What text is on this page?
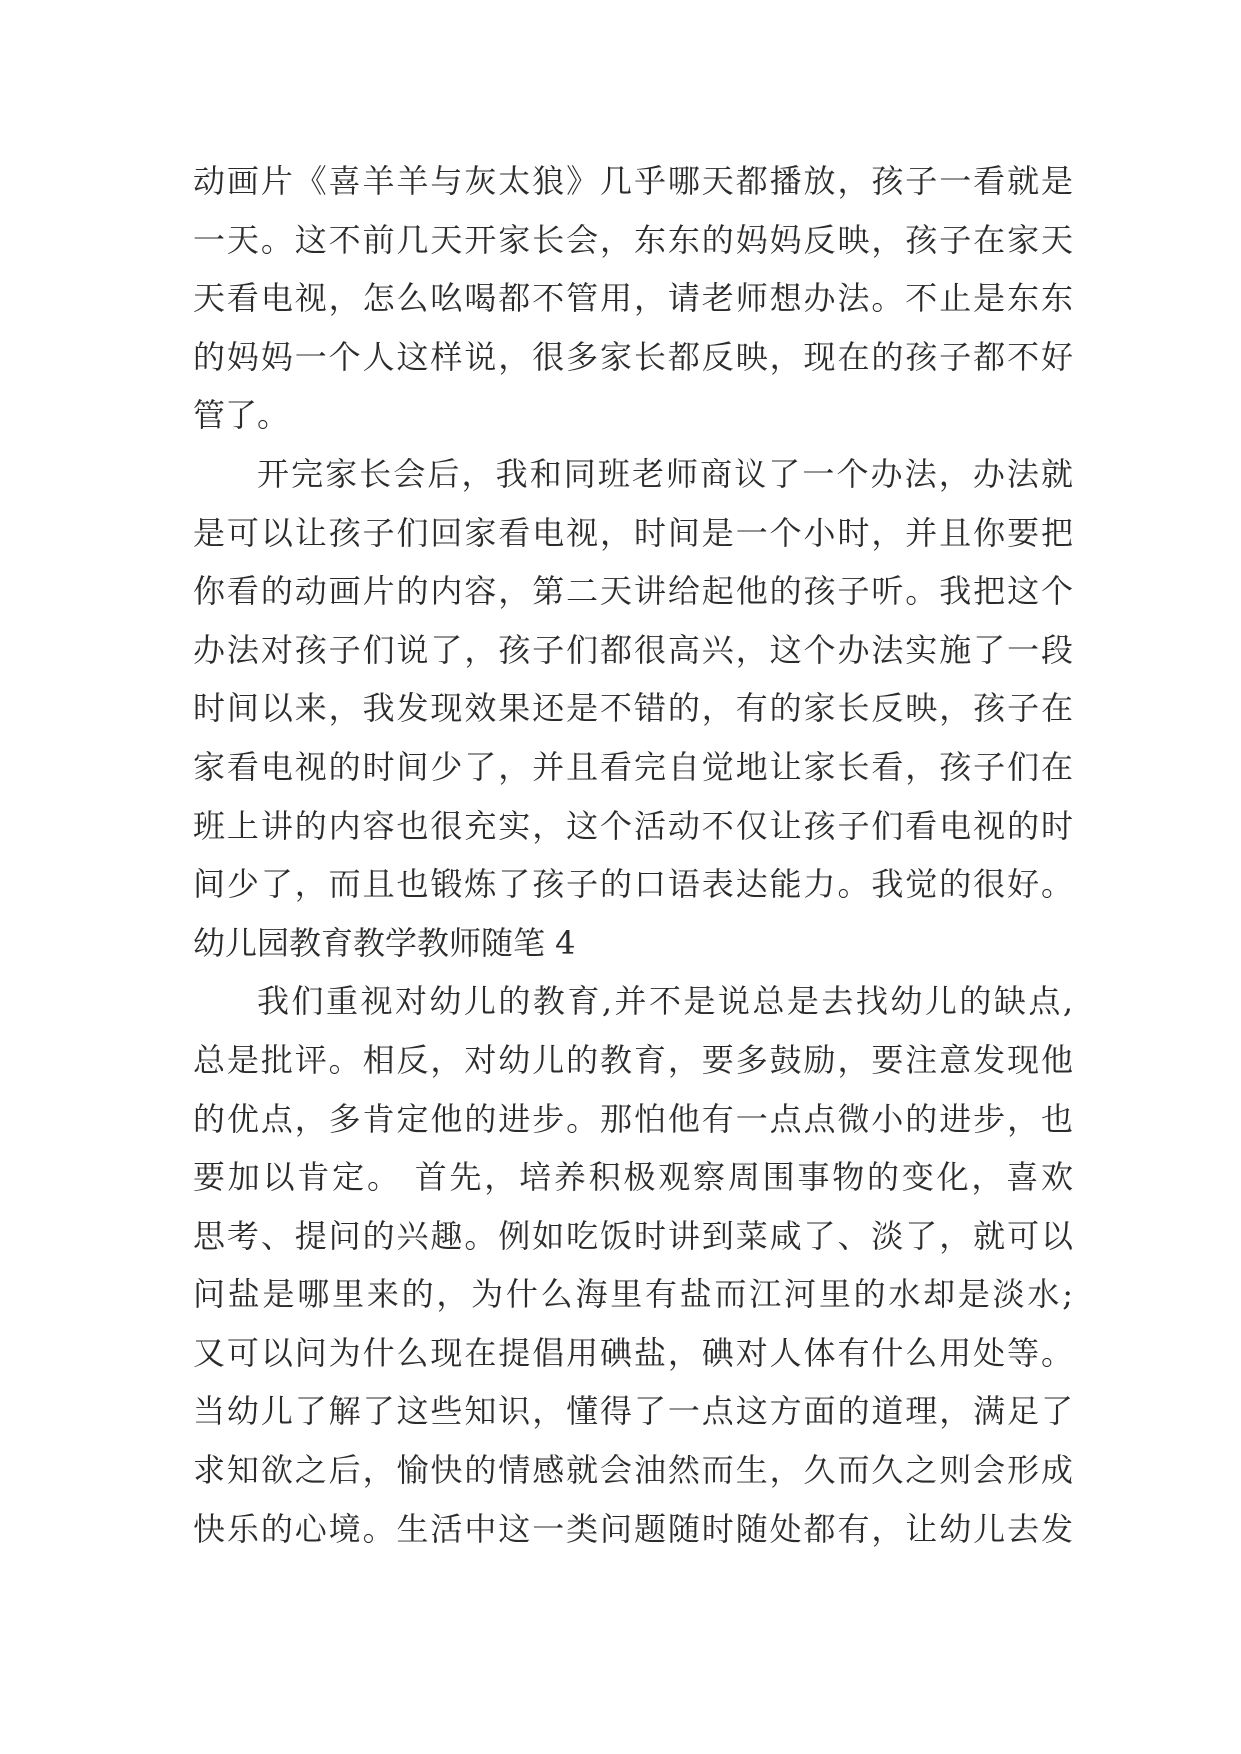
动画片《喜羊羊与灰太狼》几乎哪天都播放，孩子一看就是
一天。这不前几天开家长会，东东的妈妈反映，孩子在家天
天看电视，怎么吆喝都不管用，请老师想办法。不止是东东
的妈妈一个人这样说，很多家长都反映，现在的孩子都不好
管了。
开完家长会后，我和同班老师商议了一个办法，办法就
是可以让孩子们回家看电视，时间是一个小时，并且你要把
你看的动画片的内容，第二天讲给起他的孩子听。我把这个
办法对孩子们说了，孩子们都很高兴，这个办法实施了一段
时间以来，我发现效果还是不错的，有的家长反映，孩子在
家看电视的时间少了，并且看完自觉地让家长看，孩子们在
班上讲的内容也很充实，这个活动不仅让孩子们看电视的时
间少了，而且也锻炼了孩子的口语表达能力。我觉的很好。
幼儿园教育教学教师随笔 4
我们重视对幼儿的教育,并不是说总是去找幼儿的缺点,
总是批评。相反，对幼儿的教育，要多鼓励，要注意发现他
的优点，多肯定他的进步。那怕他有一点点微小的进步，也
要加以肯定。 首先，培养积极观察周围事物的变化，喜欢
思考、提问的兴趣。例如吃饭时讲到菜咸了、淡了，就可以
问盐是哪里来的，为什么海里有盐而江河里的水却是淡水;
又可以问为什么现在提倡用碘盐，碘对人体有什么用处等。
当幼儿了解了这些知识，懂得了一点这方面的道理，满足了
求知欲之后，愉快的情感就会油然而生，久而久之则会形成
快乐的心境。生活中这一类问题随时随处都有，让幼儿去发
